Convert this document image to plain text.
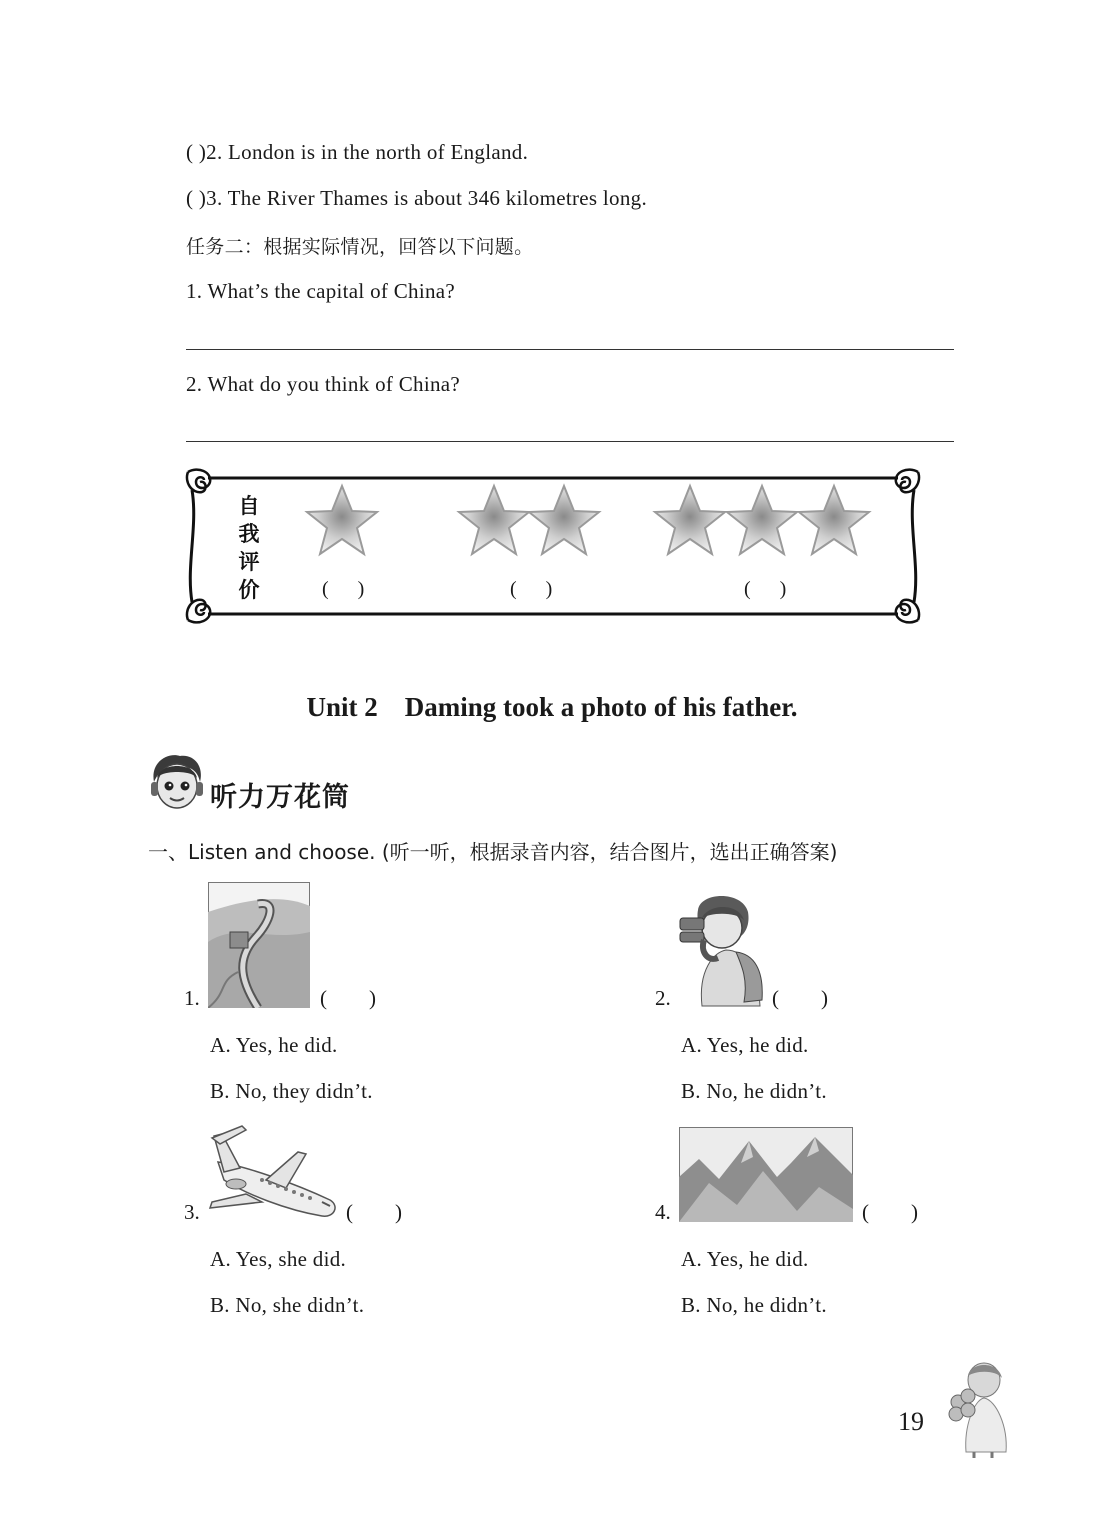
( )2. London is in the north of England.
( )3. The River Thames is about 346 kilometres long.
任务二：根据实际情况，回答以下问题。
1. What’s the capital of China?
2. What do you think of China?
自
我
评
价	( )	( )	( )
Unit 2    Daming took a photo of his father.
听力万花筒
一、Listen and choose. (听一听，根据录音内容，结合图片，选出正确答案)
1.	(        )
A. Yes, he did.
B. No, they didn’t.
2.	(        )
A. Yes, he did.
B. No, he didn’t.
3.	(        )
A. Yes, she did.
B. No, she didn’t.
4.	(        )
A. Yes, he did.
B. No, he didn’t.
19
